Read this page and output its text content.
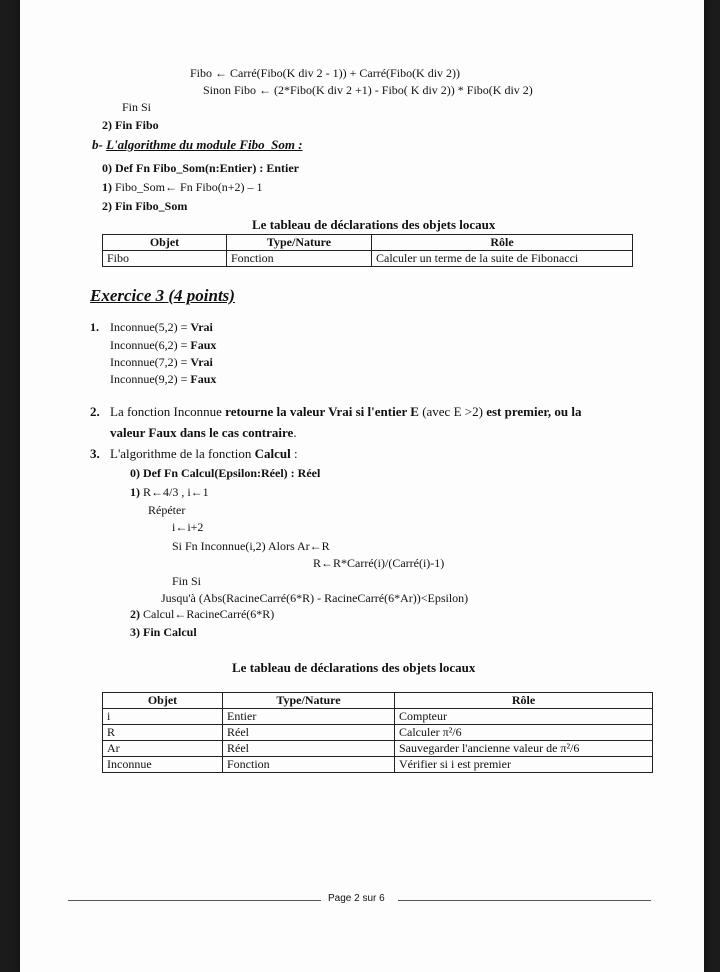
Fibo ← Carré(Fibo(K div 2 - 1)) + Carré(Fibo(K div 2))
Sinon Fibo ← (2*Fibo(K div 2 +1) - Fibo( K div 2)) * Fibo(K div 2)
Fin Si
2) Fin Fibo
b- L'algorithme du module Fibo_Som :
0) Def Fn Fibo_Som(n:Entier) : Entier
1) Fibo_Som← Fn Fibo(n+2) – 1
2) Fin Fibo_Som
Le tableau de déclarations des objets locaux
Objet	Type/Nature	Rôle
Fibo	Fonction	Calculer un terme de la suite de Fibonacci
Exercice 3 (4 points)
1. Inconnue(5,2) = Vrai
Inconnue(6,2) = Faux
Inconnue(7,2) = Vrai
Inconnue(9,2) = Faux
2. La fonction Inconnue retourne la valeur Vrai si l'entier E (avec E >2) est premier, ou la
valeur Faux dans le cas contraire.
3. L'algorithme de la fonction Calcul :
0) Def Fn Calcul(Epsilon:Réel) : Réel
1) R←4/3 , i←1
Répéter
i←i+2
Si Fn Inconnue(i,2) Alors Ar←R
R←R*Carré(i)/(Carré(i)-1)
Fin Si
Jusqu'à (Abs(RacineCarré(6*R) - RacineCarré(6*Ar))<Epsilon)
2) Calcul←RacineCarré(6*R)
3) Fin Calcul
Le tableau de déclarations des objets locaux
Objet	Type/Nature	Rôle
i	Entier	Compteur
R	Réel	Calculer π²/6
Ar	Réel	Sauvegarder l'ancienne valeur de π²/6
Inconnue	Fonction	Vérifier si i est premier
Page 2 sur 6
